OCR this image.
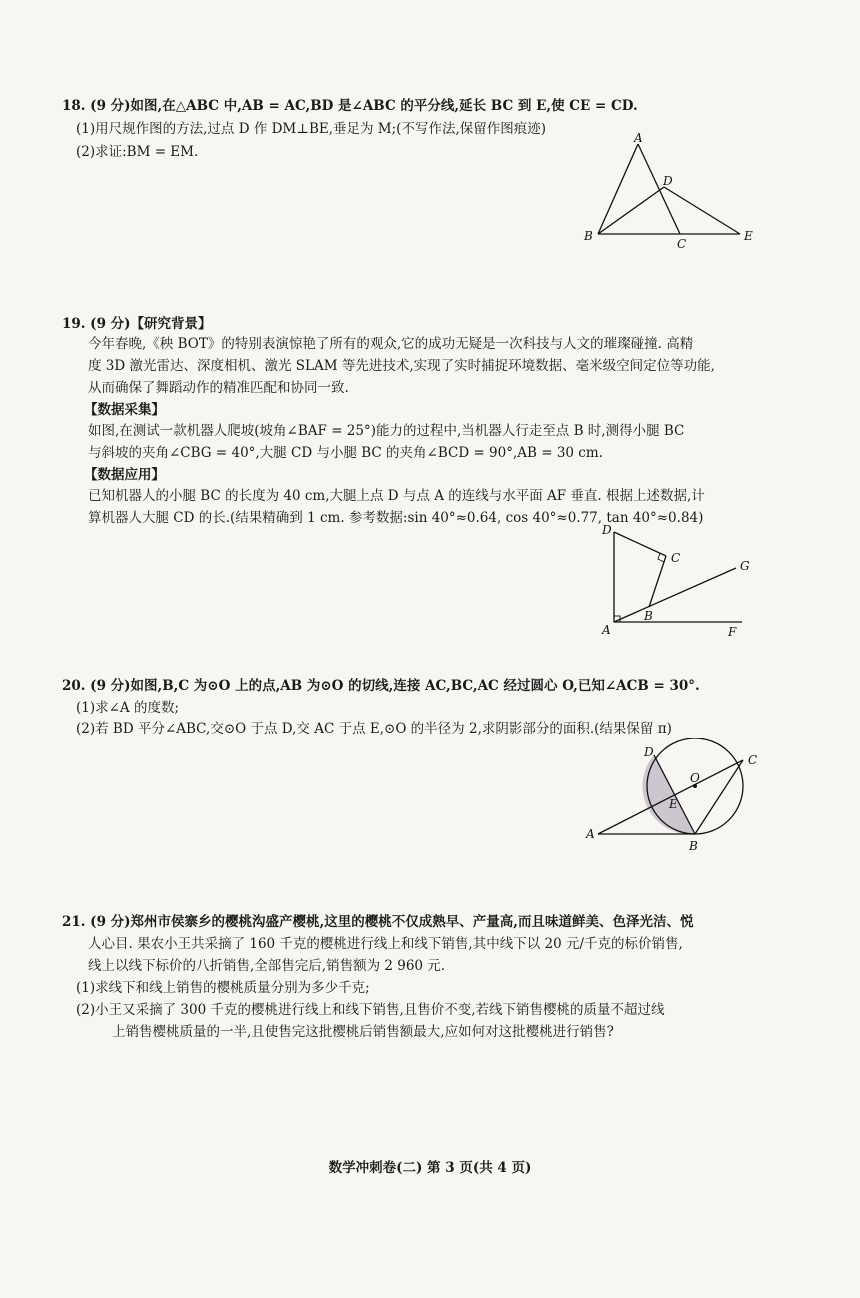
18. (9 分)如图,在△ABC 中,AB = AC,BD 是∠ABC 的平分线,延长 BC 到 E,使 CE = CD.
(1)用尺规作图的方法,过点 D 作 DM⊥BE,垂足为 M;(不写作法,保留作图痕迹)
(2)求证:BM = EM.
A
B
C
D
E
19. (9 分)【研究背景】
今年春晚,《秧 BOT》的特别表演惊艳了所有的观众,它的成功无疑是一次科技与人文的璀璨碰撞. 高精
度 3D 激光雷达、深度相机、激光 SLAM 等先进技术,实现了实时捕捉环境数据、毫米级空间定位等功能,
从而确保了舞蹈动作的精准匹配和协同一致.
【数据采集】
如图,在测试一款机器人爬坡(坡角∠BAF = 25°)能力的过程中,当机器人行走至点 B 时,测得小腿 BC
与斜坡的夹角∠CBG = 40°,大腿 CD 与小腿 BC 的夹角∠BCD = 90°,AB = 30 cm.
【数据应用】
已知机器人的小腿 BC 的长度为 40 cm,大腿上点 D 与点 A 的连线与水平面 AF 垂直. 根据上述数据,计
算机器人大腿 CD 的长.(结果精确到 1 cm. 参考数据:sin 40°≈0.64, cos 40°≈0.77, tan 40°≈0.84)
D
C
G
B
A	F
20. (9 分)如图,B,C 为⊙O 上的点,AB 为⊙O 的切线,连接 AC,BC,AC 经过圆心 O,已知∠ACB = 30°.
(1)求∠A 的度数;
(2)若 BD 平分∠ABC,交⊙O 于点 D,交 AC 于点 E,⊙O 的半径为 2,求阴影部分的面积.(结果保留 π)
D
O
C
E
A
B
21. (9 分)郑州市侯寨乡的樱桃沟盛产樱桃,这里的樱桃不仅成熟早、产量高,而且味道鲜美、色泽光洁、悦
人心目. 果农小王共采摘了 160 千克的樱桃进行线上和线下销售,其中线下以 20 元/千克的标价销售,
线上以线下标价的八折销售,全部售完后,销售额为 2 960 元.
(1)求线下和线上销售的樱桃质量分别为多少千克;
(2)小王又采摘了 300 千克的樱桃进行线上和线下销售,且售价不变,若线下销售樱桃的质量不超过线
上销售樱桃质量的一半,且使售完这批樱桃后销售额最大,应如何对这批樱桃进行销售?
数学冲刺卷(二) 第 3 页(共 4 页)
